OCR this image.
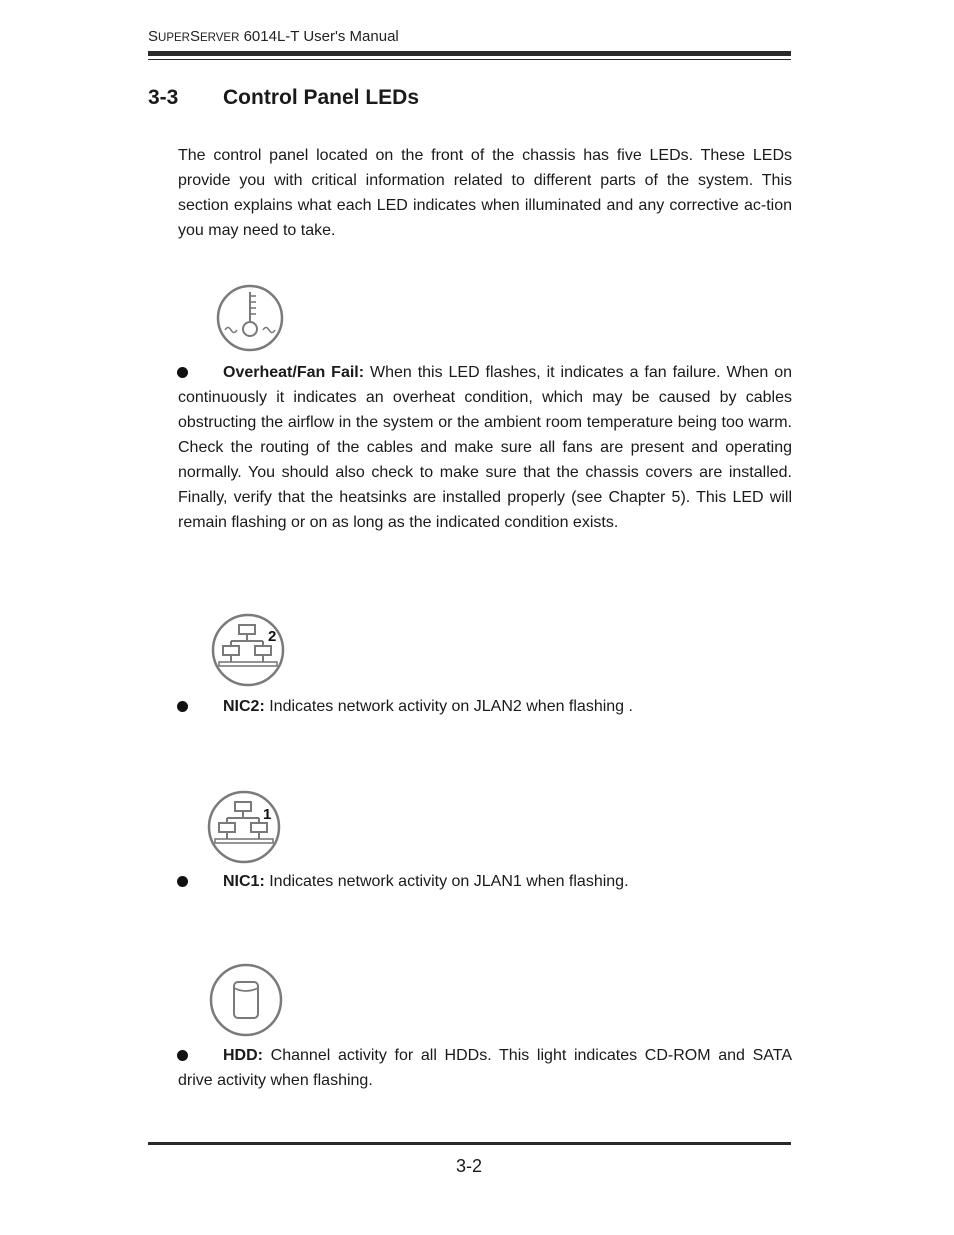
SUPERSERVER 6014L-T User's Manual
3-3 Control Panel LEDs
The control panel located on the front of the chassis has five LEDs. These LEDs provide you with critical information related to different parts of the system. This section explains what each LED indicates when illuminated and any corrective ac-tion you may need to take.
Overheat/Fan Fail: When this LED flashes, it indicates a fan failure. When on continuously it indicates an overheat condition, which may be caused by cables obstructing the airflow in the system or the ambient room temperature being too warm. Check the routing of the cables and make sure all fans are present and operating normally. You should also check to make sure that the chassis covers are installed. Finally, verify that the heatsinks are installed properly (see Chapter 5). This LED will remain flashing or on as long as the indicated condition exists.
2
NIC2: Indicates network activity on JLAN2 when flashing .
1
NIC1: Indicates network activity on JLAN1 when flashing.
HDD: Channel activity for all HDDs. This light indicates CD-ROM and SATA drive activity when flashing.
3-2
